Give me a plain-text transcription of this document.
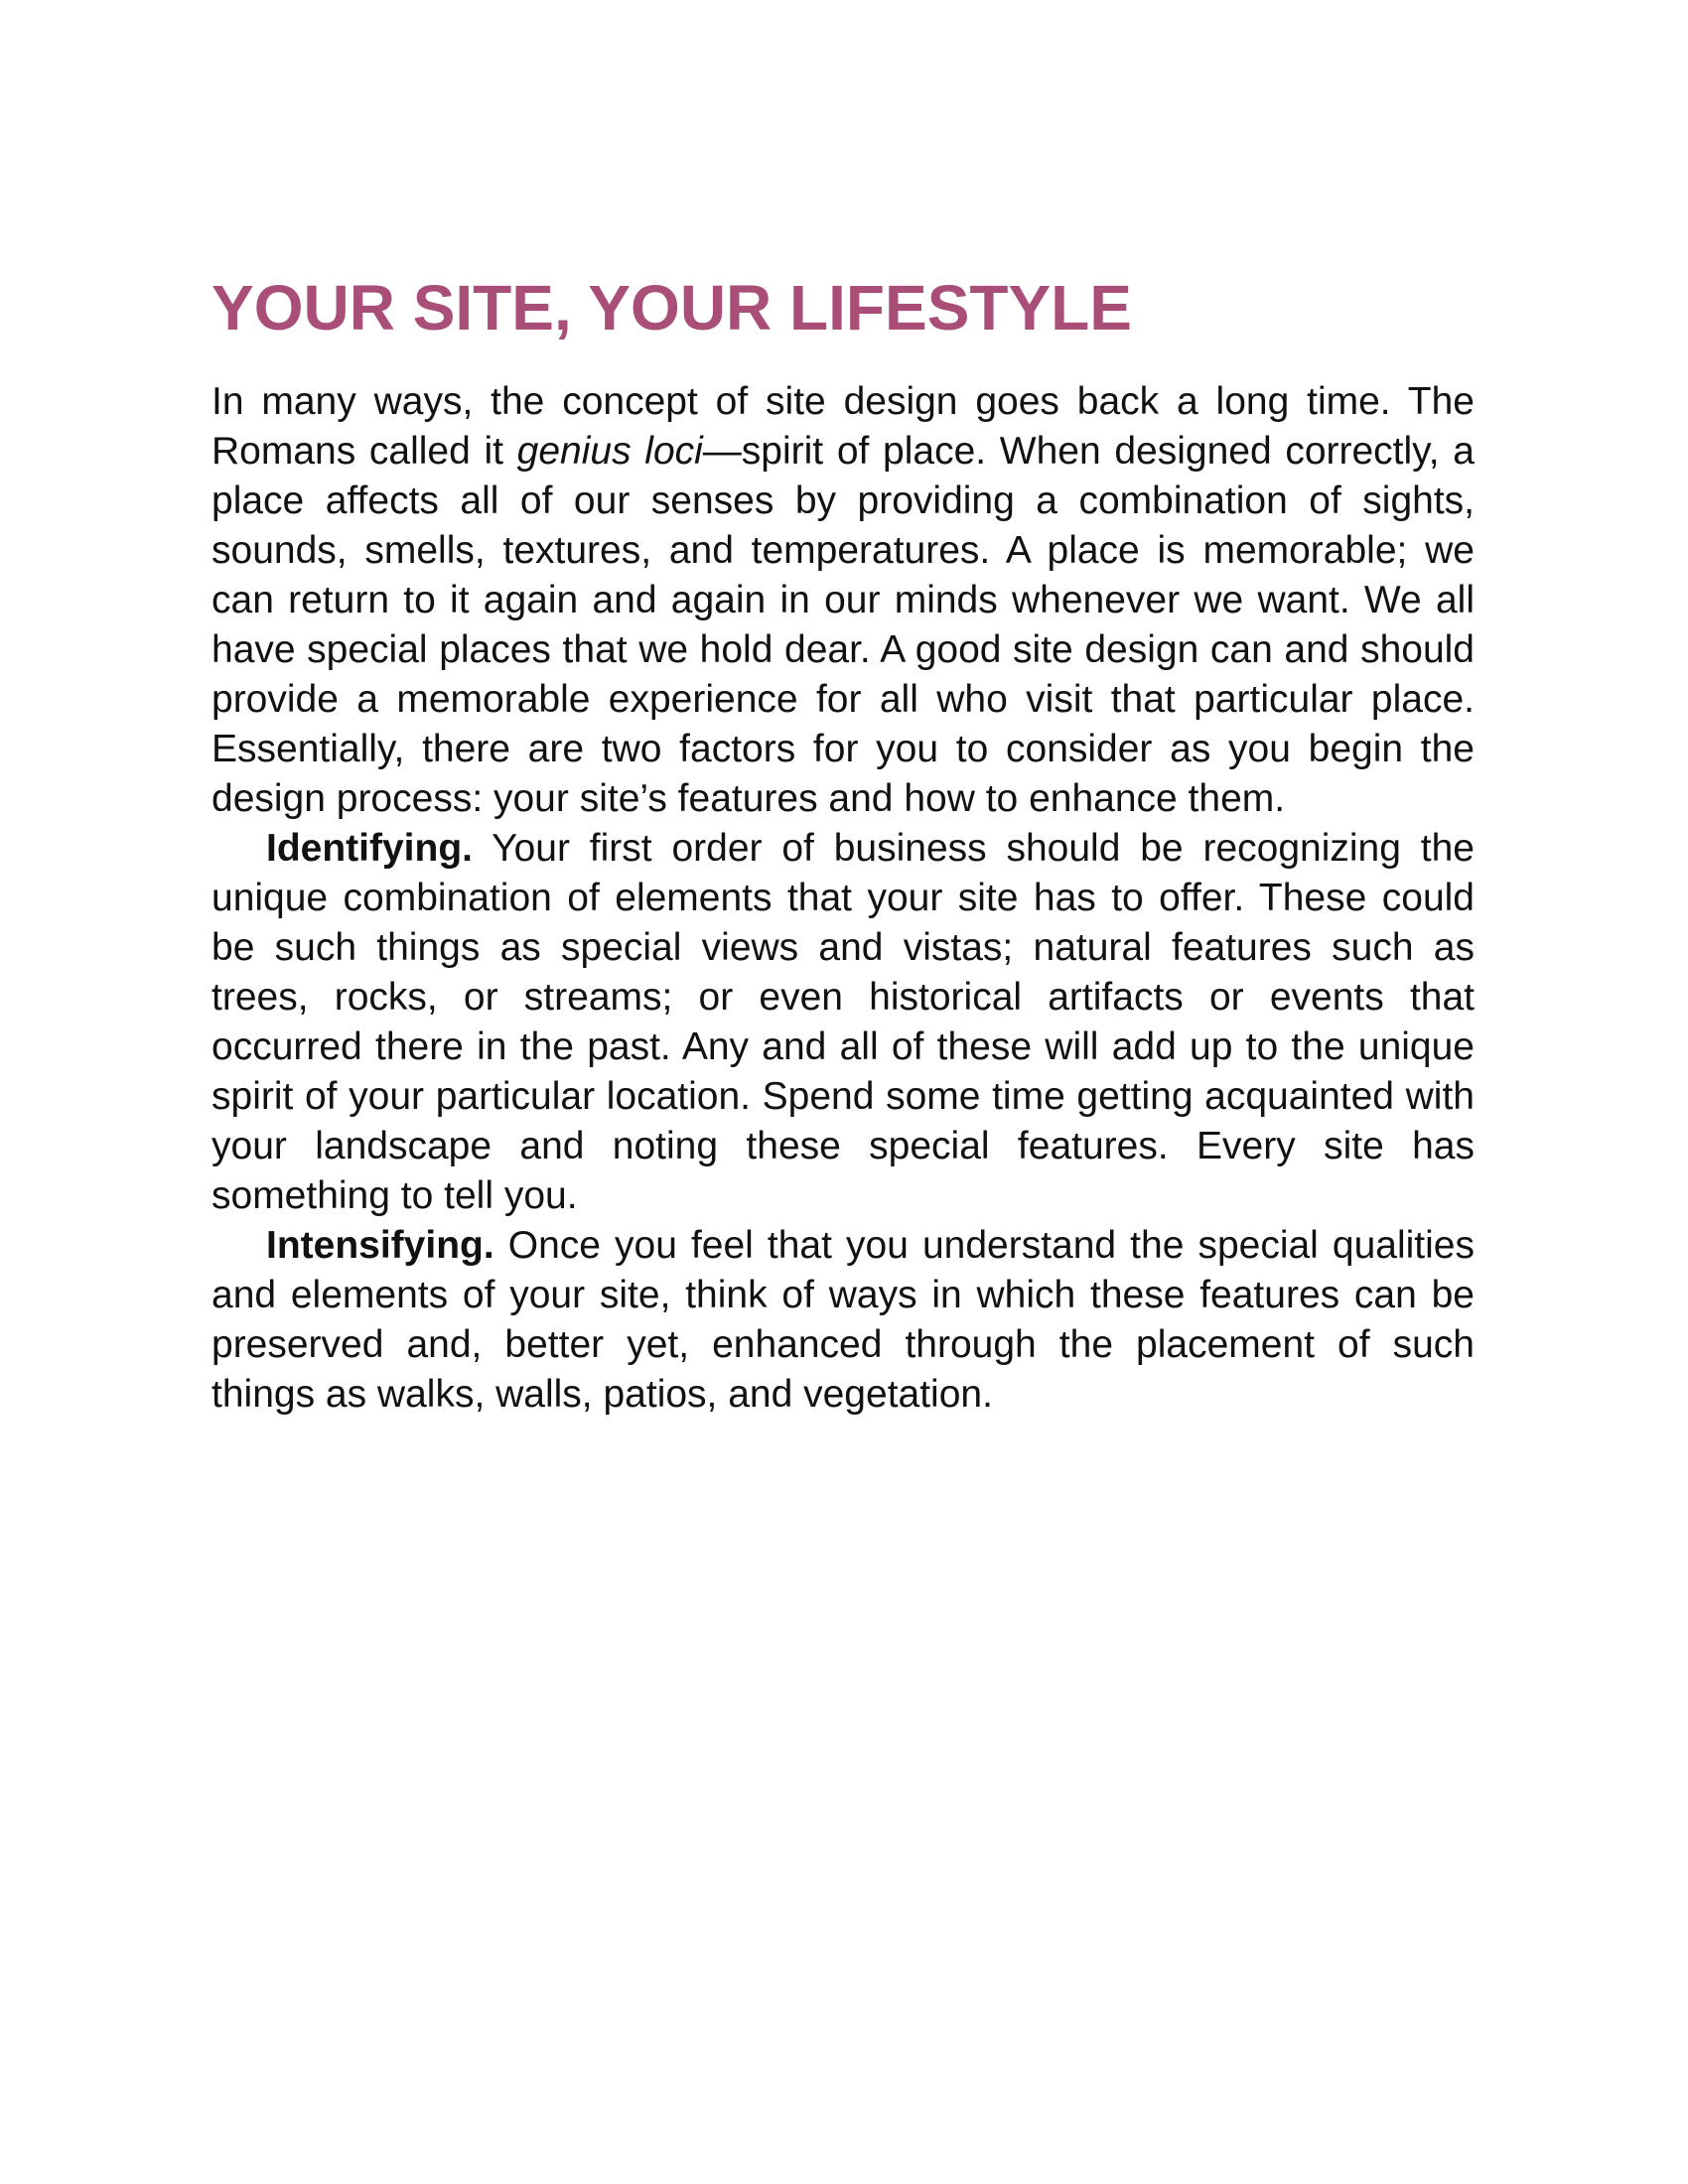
YOUR SITE, YOUR LIFESTYLE

In many ways, the concept of site design goes back a long time. The Romans called it genius loci—spirit of place. When designed correctly, a place affects all of our senses by providing a combination of sights, sounds, smells, textures, and temperatures. A place is memorable; we can return to it again and again in our minds whenever we want. We all have special places that we hold dear. A good site design can and should provide a memorable experience for all who visit that particular place. Essentially, there are two factors for you to consider as you begin the design process: your site’s features and how to enhance them.

Identifying. Your first order of business should be recognizing the unique combination of elements that your site has to offer. These could be such things as special views and vistas; natural features such as trees, rocks, or streams; or even historical artifacts or events that occurred there in the past. Any and all of these will add up to the unique spirit of your particular location. Spend some time getting acquainted with your landscape and noting these special features. Every site has something to tell you.

Intensifying. Once you feel that you understand the special qualities and elements of your site, think of ways in which these features can be preserved and, better yet, enhanced through the placement of such things as walks, walls, patios, and vegetation.
